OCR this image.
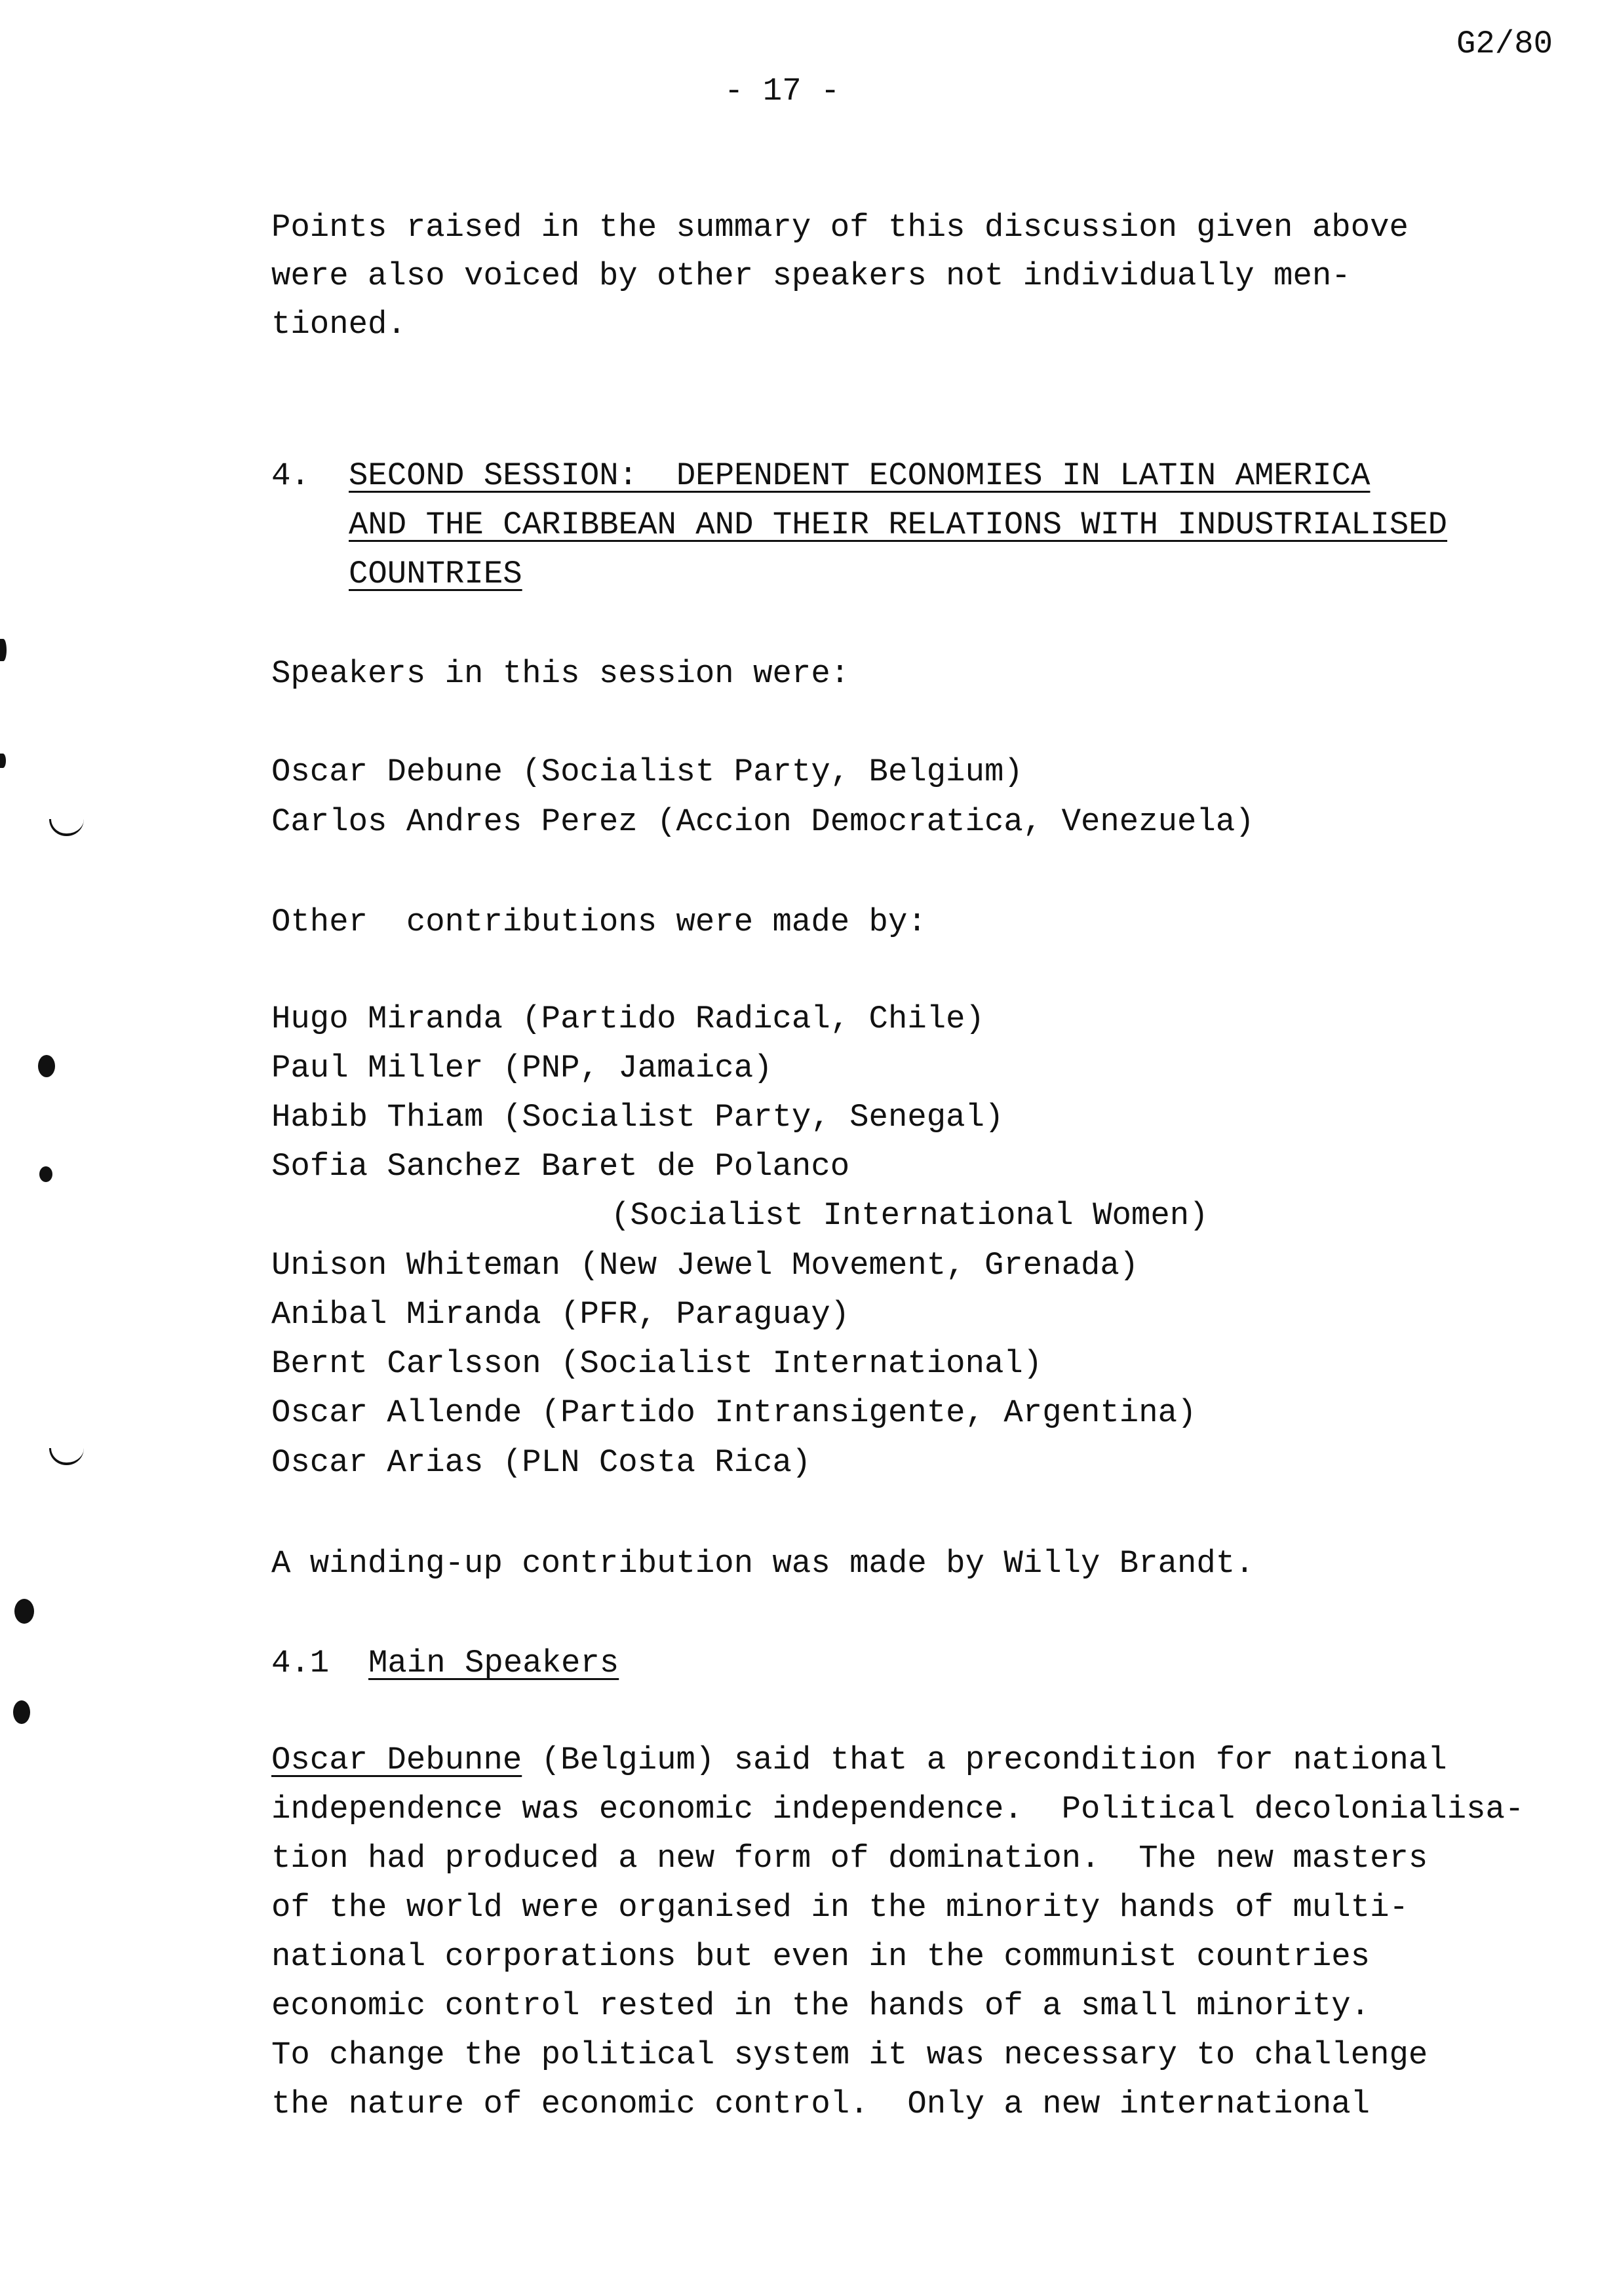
G2/80
- 17 -
Points raised in the summary of this discussion given above
were also voiced by other speakers not individually men-
tioned.
4. SECOND SESSION:  DEPENDENT ECONOMIES IN LATIN AMERICA
AND THE CARIBBEAN AND THEIR RELATIONS WITH INDUSTRIALISED
COUNTRIES
Speakers in this session were:
Oscar Debune (Socialist Party, Belgium)
Carlos Andres Perez (Accion Democratica, Venezuela)
Other  contributions were made by:
Hugo Miranda (Partido Radical, Chile)
Paul Miller (PNP, Jamaica)
Habib Thiam (Socialist Party, Senegal)
Sofia Sanchez Baret de Polanco
(Socialist International Women)
Unison Whiteman (New Jewel Movement, Grenada)
Anibal Miranda (PFR, Paraguay)
Bernt Carlsson (Socialist International)
Oscar Allende (Partido Intransigente, Argentina)
Oscar Arias (PLN Costa Rica)
A winding-up contribution was made by Willy Brandt.
4.1 Main Speakers
Oscar Debunne (Belgium) said that a precondition for national
independence was economic independence.  Political decolonialisa-
tion had produced a new form of domination.  The new masters
of the world were organised in the minority hands of multi-
national corporations but even in the communist countries
economic control rested in the hands of a small minority.
To change the political system it was necessary to challenge
the nature of economic control.  Only a new international
